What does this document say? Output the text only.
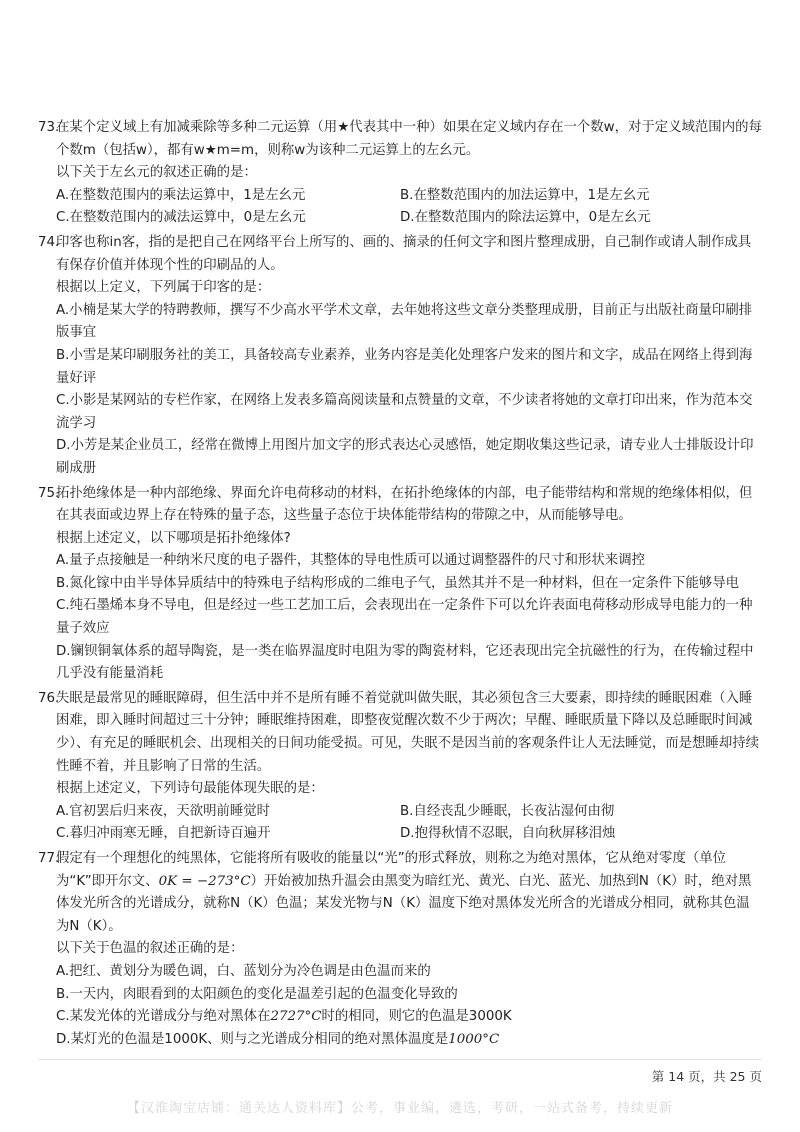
73.
在某个定义域上有加减乘除等多种二元运算（用★代表其中一种）如果在定义域内存在一个数w，对于定义域范围内的每个数m（包括w），都有w★m=m，则称w为该种二元运算上的左幺元。
以下关于左幺元的叙述正确的是：
A.在整数范围内的乘法运算中，1是左幺元	B.在整数范围内的加法运算中，1是左幺元
C.在整数范围内的减法运算中，0是左幺元	D.在整数范围内的除法运算中，0是左幺元
74.
印客也称in客，指的是把自己在网络平台上所写的、画的、摘录的任何文字和图片整理成册，自己制作或请人制作成具有保存价值并体现个性的印刷品的人。
根据以上定义，下列属于印客的是：
A.小楠是某大学的特聘教师，撰写不少高水平学术文章，去年她将这些文章分类整理成册，目前正与出版社商量印刷排版事宜
B.小雪是某印刷服务社的美工，具备较高专业素养，业务内容是美化处理客户发来的图片和文字，成品在网络上得到海量好评
C.小影是某网站的专栏作家，在网络上发表多篇高阅读量和点赞量的文章，不少读者将她的文章打印出来，作为范本交流学习
D.小芳是某企业员工，经常在微博上用图片加文字的形式表达心灵感悟，她定期收集这些记录，请专业人士排版设计印刷成册
75.
拓扑绝缘体是一种内部绝缘、界面允许电荷移动的材料，在拓扑绝缘体的内部，电子能带结构和常规的绝缘体相似，但在其表面或边界上存在特殊的量子态，这些量子态位于块体能带结构的带隙之中，从而能够导电。
根据上述定义，以下哪项是拓扑绝缘体?
A.量子点接触是一种纳米尺度的电子器件，其整体的导电性质可以通过调整器件的尺寸和形状来调控
B.氮化镓中由半导体异质结中的特殊电子结构形成的二维电子气，虽然其并不是一种材料，但在一定条件下能够导电
C.纯石墨烯本身不导电，但是经过一些工艺加工后，会表现出在一定条件下可以允许表面电荷移动形成导电能力的一种量子效应
D.镧钡铜氧体系的超导陶瓷，是一类在临界温度时电阻为零的陶瓷材料，它还表现出完全抗磁性的行为，在传输过程中几乎没有能量消耗
76.
失眠是最常见的睡眠障碍，但生活中并不是所有睡不着觉就叫做失眠，其必须包含三大要素，即持续的睡眠困难（入睡困难，即入睡时间超过三十分钟；睡眠维持困难，即整夜觉醒次数不少于两次；早醒、睡眠质量下降以及总睡眠时间减少）、有充足的睡眠机会、出现相关的日间功能受损。可见，失眠不是因当前的客观条件让人无法睡觉，而是想睡却持续性睡不着，并且影响了日常的生活。
根据上述定义，下列诗句最能体现失眠的是：
A.官初罢后归来夜，天欲明前睡觉时	B.自经丧乱少睡眠，长夜沾湿何由彻
C.暮归冲雨寒无睡，自把新诗百遍开	D.抱得秋情不忍眠，自向秋屏移泪烛
77.
假定有一个理想化的纯黑体，它能将所有吸收的能量以“光”的形式释放，则称之为绝对黑体，它从绝对零度（单位为“K”即开尔文、0K = −273°C）开始被加热升温会由黑变为暗红光、黄光、白光、蓝光、加热到N（K）时，绝对黑体发光所含的光谱成分，就称N（K）色温；某发光物与N（K）温度下绝对黑体发光所含的光谱成分相同，就称其色温为N（K）。
以下关于色温的叙述正确的是：
A.把红、黄划分为暖色调，白、蓝划分为冷色调是由色温而来的
B.一天内，肉眼看到的太阳颜色的变化是温差引起的色温变化导致的
C.某发光体的光谱成分与绝对黑体在2727°C时的相同，则它的色温是3000K
D.某灯光的色温是1000K、则与之光谱成分相同的绝对黑体温度是1000°C
第 14 页，共 25 页
【汉淮淘宝店铺：通关达人资料库】公考，事业编，遴选，考研，一站式备考，持续更新
